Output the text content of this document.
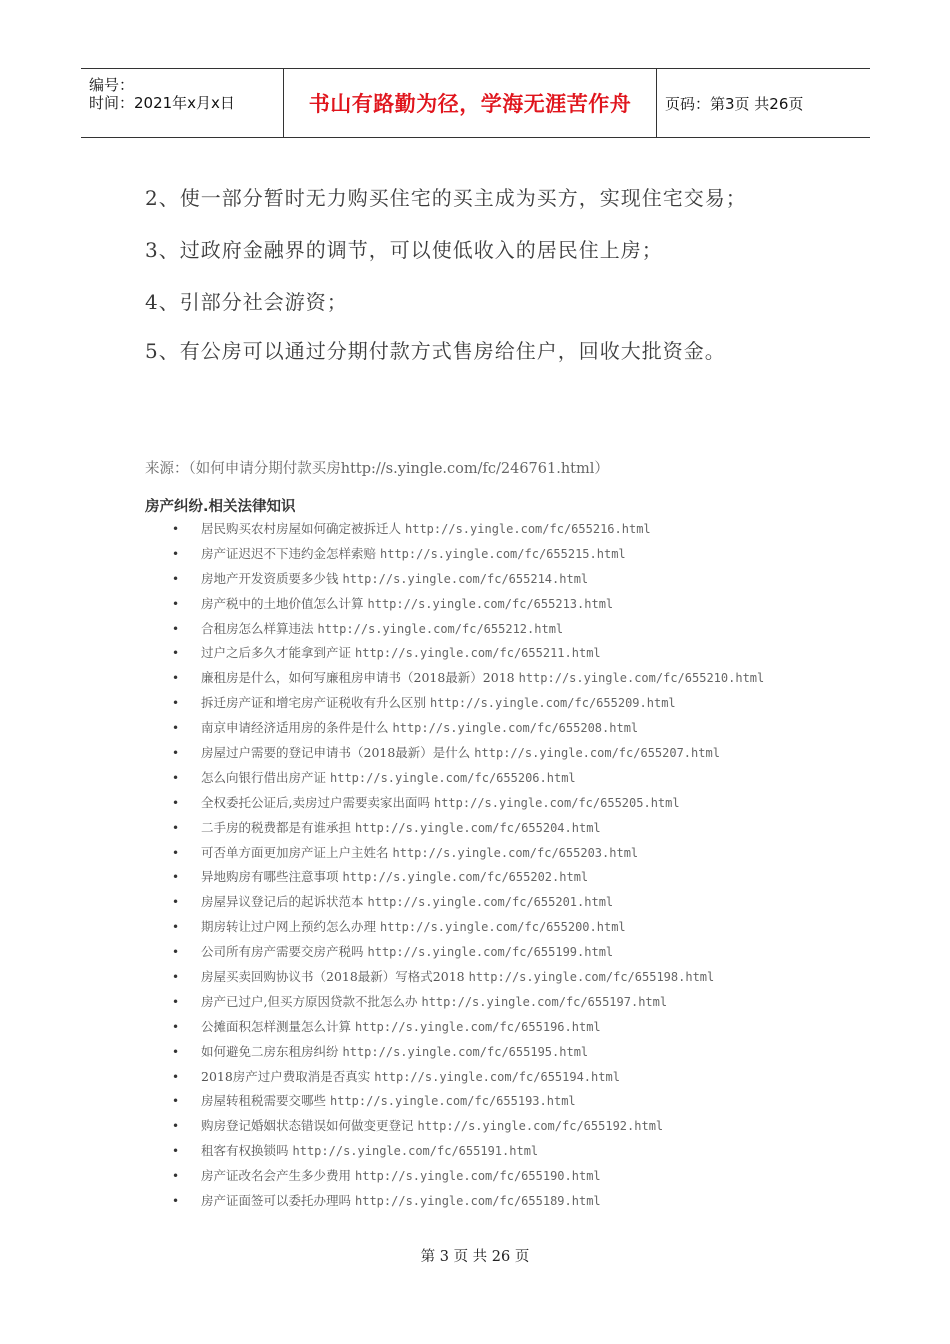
编号：
时间：2021年x月x日	书山有路勤为径，学海无涯苦作舟	页码：第3页 共26页
2、使一部分暂时无力购买住宅的买主成为买方，实现住宅交易；
3、过政府金融界的调节，可以使低收入的居民住上房；
4、引部分社会游资；
5、有公房可以通过分期付款方式售房给住户，回收大批资金。
来源：（如何申请分期付款买房http://s.yingle.com/fc/246761.html）
房产纠纷.相关法律知识
• 居民购买农村房屋如何确定被拆迁人 http://s.yingle.com/fc/655216.html
• 房产证迟迟不下违约金怎样索赔 http://s.yingle.com/fc/655215.html
• 房地产开发资质要多少钱 http://s.yingle.com/fc/655214.html
• 房产税中的土地价值怎么计算 http://s.yingle.com/fc/655213.html
• 合租房怎么样算违法 http://s.yingle.com/fc/655212.html
• 过户之后多久才能拿到产证 http://s.yingle.com/fc/655211.html
• 廉租房是什么，如何写廉租房申请书（2018最新）2018 http://s.yingle.com/fc/655210.html
• 拆迁房产证和增宅房产证税收有升么区别 http://s.yingle.com/fc/655209.html
• 南京申请经济适用房的条件是什么 http://s.yingle.com/fc/655208.html
• 房屋过户需要的登记申请书（2018最新）是什么 http://s.yingle.com/fc/655207.html
• 怎么向银行借出房产证 http://s.yingle.com/fc/655206.html
• 全权委托公证后,卖房过户需要卖家出面吗 http://s.yingle.com/fc/655205.html
• 二手房的税费都是有谁承担 http://s.yingle.com/fc/655204.html
• 可否单方面更加房产证上户主姓名 http://s.yingle.com/fc/655203.html
• 异地购房有哪些注意事项 http://s.yingle.com/fc/655202.html
• 房屋异议登记后的起诉状范本 http://s.yingle.com/fc/655201.html
• 期房转让过户网上预约怎么办理 http://s.yingle.com/fc/655200.html
• 公司所有房产需要交房产税吗 http://s.yingle.com/fc/655199.html
• 房屋买卖回购协议书（2018最新）写格式2018 http://s.yingle.com/fc/655198.html
• 房产已过户,但买方原因贷款不批怎么办 http://s.yingle.com/fc/655197.html
• 公摊面积怎样测量怎么计算 http://s.yingle.com/fc/655196.html
• 如何避免二房东租房纠纷 http://s.yingle.com/fc/655195.html
• 2018房产过户费取消是否真实 http://s.yingle.com/fc/655194.html
• 房屋转租税需要交哪些 http://s.yingle.com/fc/655193.html
• 购房登记婚姻状态错误如何做变更登记 http://s.yingle.com/fc/655192.html
• 租客有权换锁吗 http://s.yingle.com/fc/655191.html
• 房产证改名会产生多少费用 http://s.yingle.com/fc/655190.html
• 房产证面签可以委托办理吗 http://s.yingle.com/fc/655189.html
第 3 页 共 26 页
